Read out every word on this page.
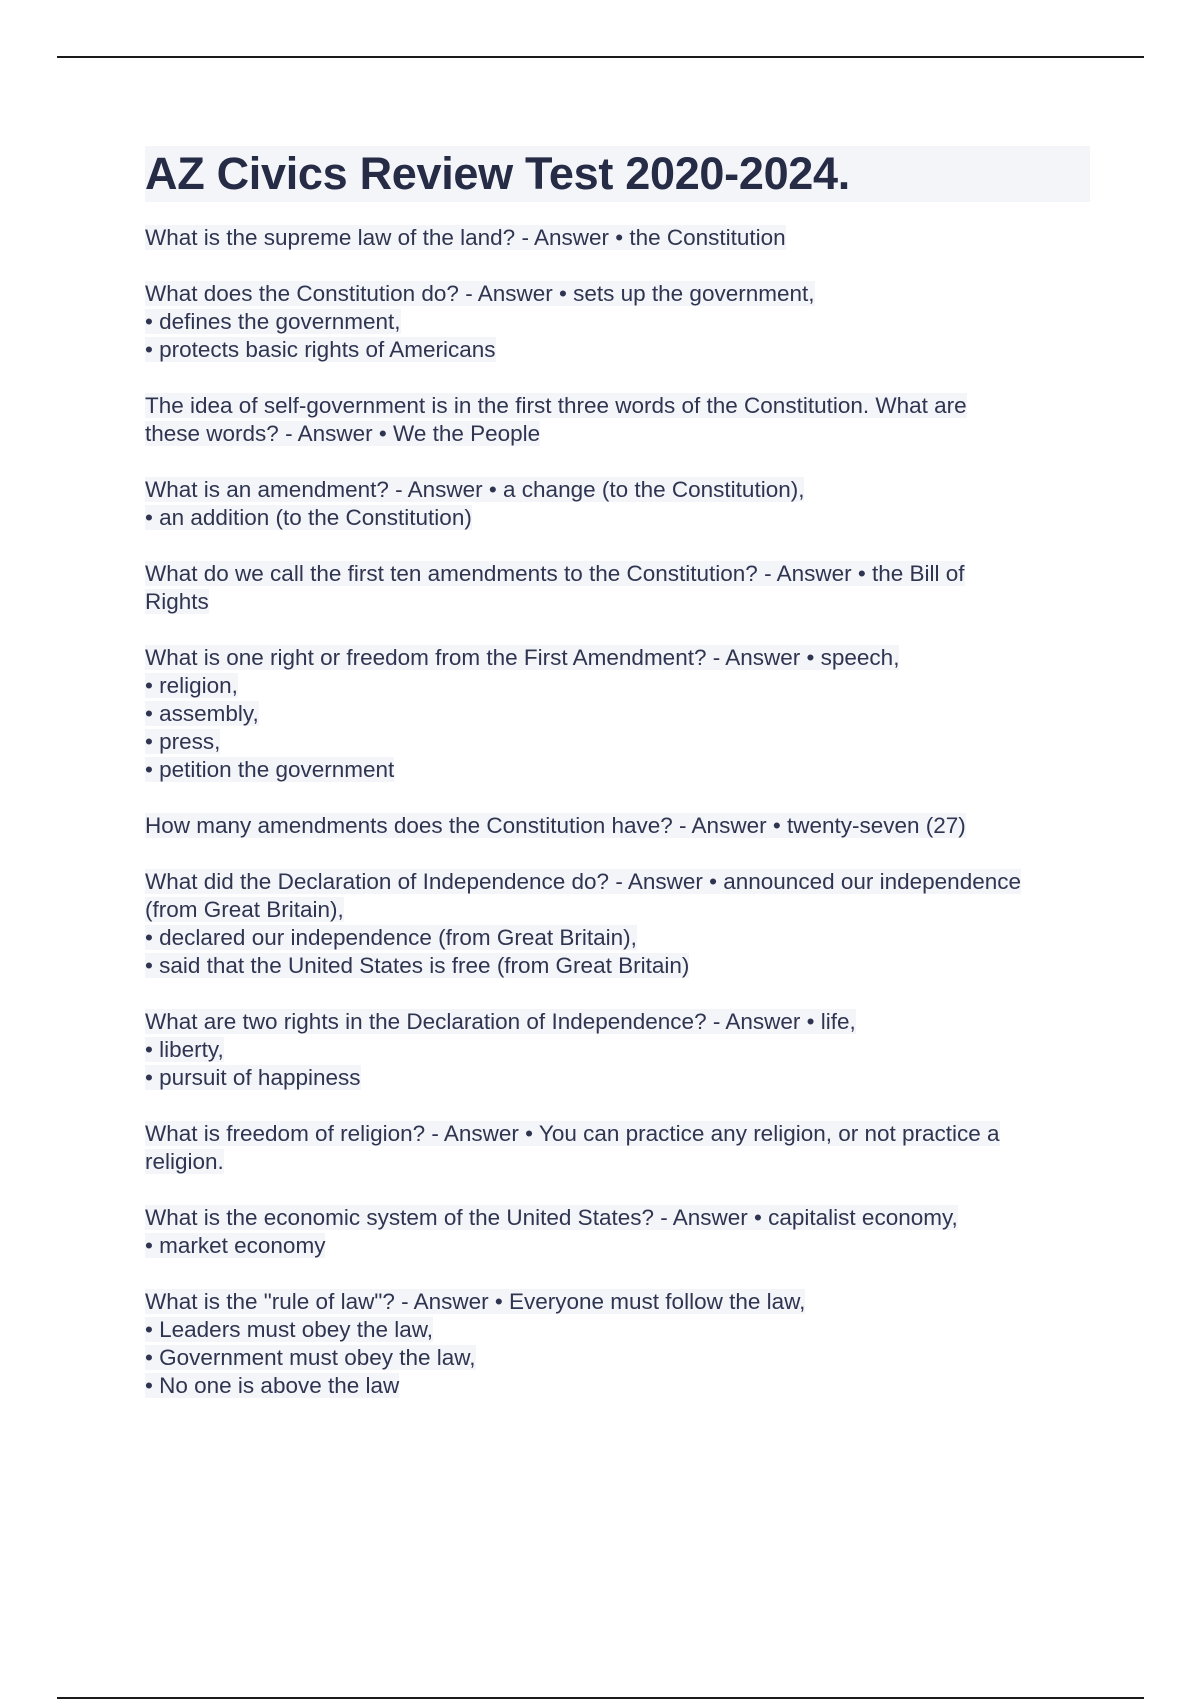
AZ Civics Review Test 2020-2024.
What is the supreme law of the land? - Answer • the Constitution
What does the Constitution do? - Answer • sets up the government,
• defines the government,
• protects basic rights of Americans
The idea of self-government is in the first three words of the Constitution. What are
these words? - Answer • We the People
What is an amendment? - Answer • a change (to the Constitution),
• an addition (to the Constitution)
What do we call the first ten amendments to the Constitution? - Answer • the Bill of
Rights
What is one right or freedom from the First Amendment? - Answer • speech,
• religion,
• assembly,
• press,
• petition the government
How many amendments does the Constitution have? - Answer • twenty-seven (27)
What did the Declaration of Independence do? - Answer • announced our independence
(from Great Britain),
• declared our independence (from Great Britain),
• said that the United States is free (from Great Britain)
What are two rights in the Declaration of Independence? - Answer • life,
• liberty,
• pursuit of happiness
What is freedom of religion? - Answer • You can practice any religion, or not practice a
religion.
What is the economic system of the United States? - Answer • capitalist economy,
• market economy
What is the "rule of law"? - Answer • Everyone must follow the law,
• Leaders must obey the law,
• Government must obey the law,
• No one is above the law
